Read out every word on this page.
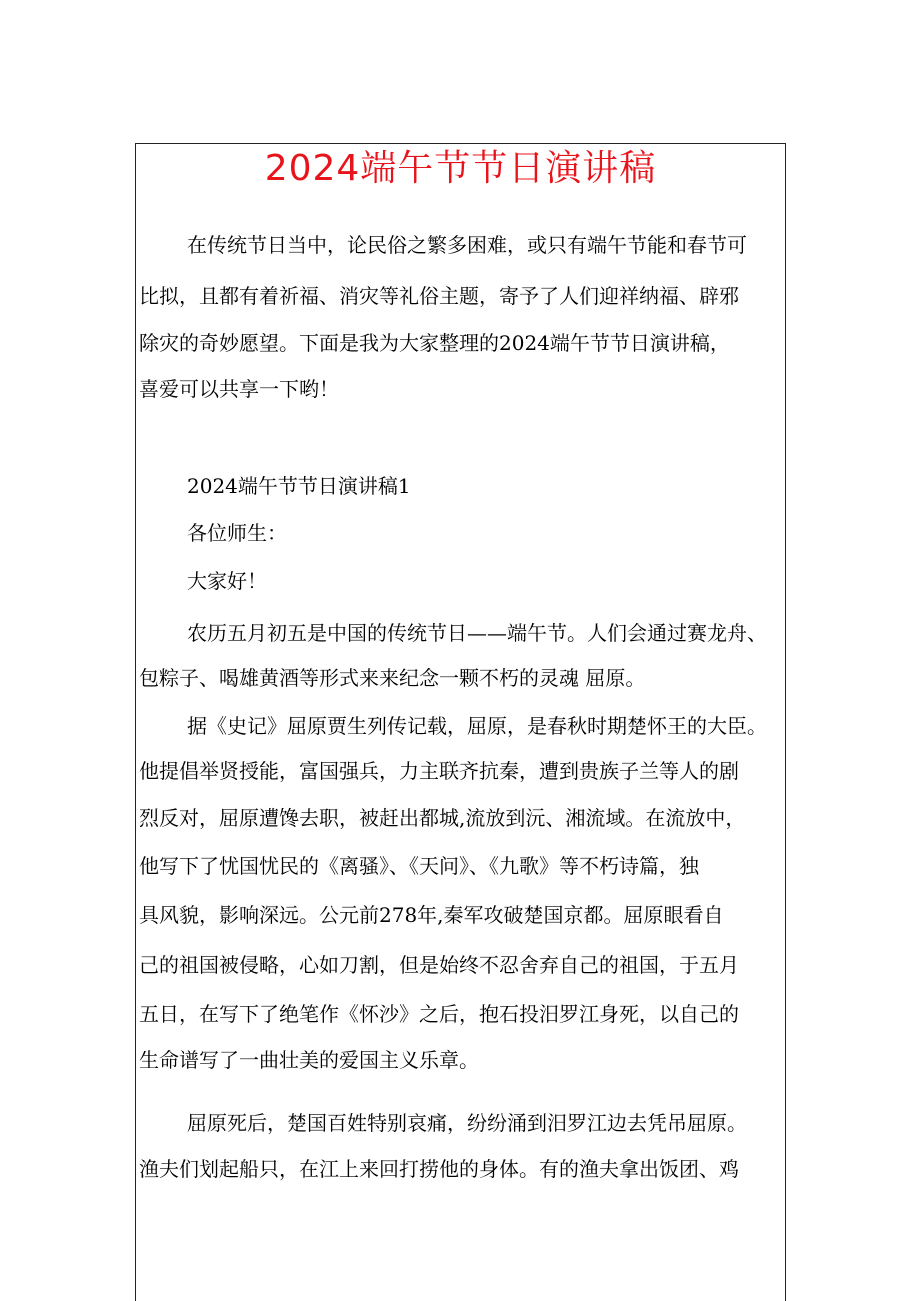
2024端午节节日演讲稿

在传统节日当中，论民俗之繁多困难，或只有端午节能和春节可

比拟，且都有着祈福、消灾等礼俗主题，寄予了人们迎祥纳福、辟邪

除灾的奇妙愿望。下面是我为大家整理的2024端午节节日演讲稿，

喜爱可以共享一下哟！

2024端午节节日演讲稿1

各位师生：

大家好！

农历五月初五是中国的传统节日——端午节。人们会通过赛龙舟、

包粽子、喝雄黄酒等形式来来纪念一颗不朽的灵魂 屈原。

据《史记》屈原贾生列传记载，屈原，是春秋时期楚怀王的大臣。

他提倡举贤授能，富国强兵，力主联齐抗秦，遭到贵族子兰等人的剧

烈反对，屈原遭馋去职，被赶出都城,流放到沅、湘流域。在流放中，

他写下了忧国忧民的《离骚》、《天问》、《九歌》等不朽诗篇，独

具风貌，影响深远。公元前278年,秦军攻破楚国京都。屈原眼看自

己的祖国被侵略，心如刀割，但是始终不忍舍弃自己的祖国，于五月

五日，在写下了绝笔作《怀沙》之后，抱石投汨罗江身死，以自己的

生命谱写了一曲壮美的爱国主义乐章。

屈原死后，楚国百姓特别哀痛，纷纷涌到汨罗江边去凭吊屈原。

渔夫们划起船只，在江上来回打捞他的身体。有的渔夫拿出饭团、鸡
